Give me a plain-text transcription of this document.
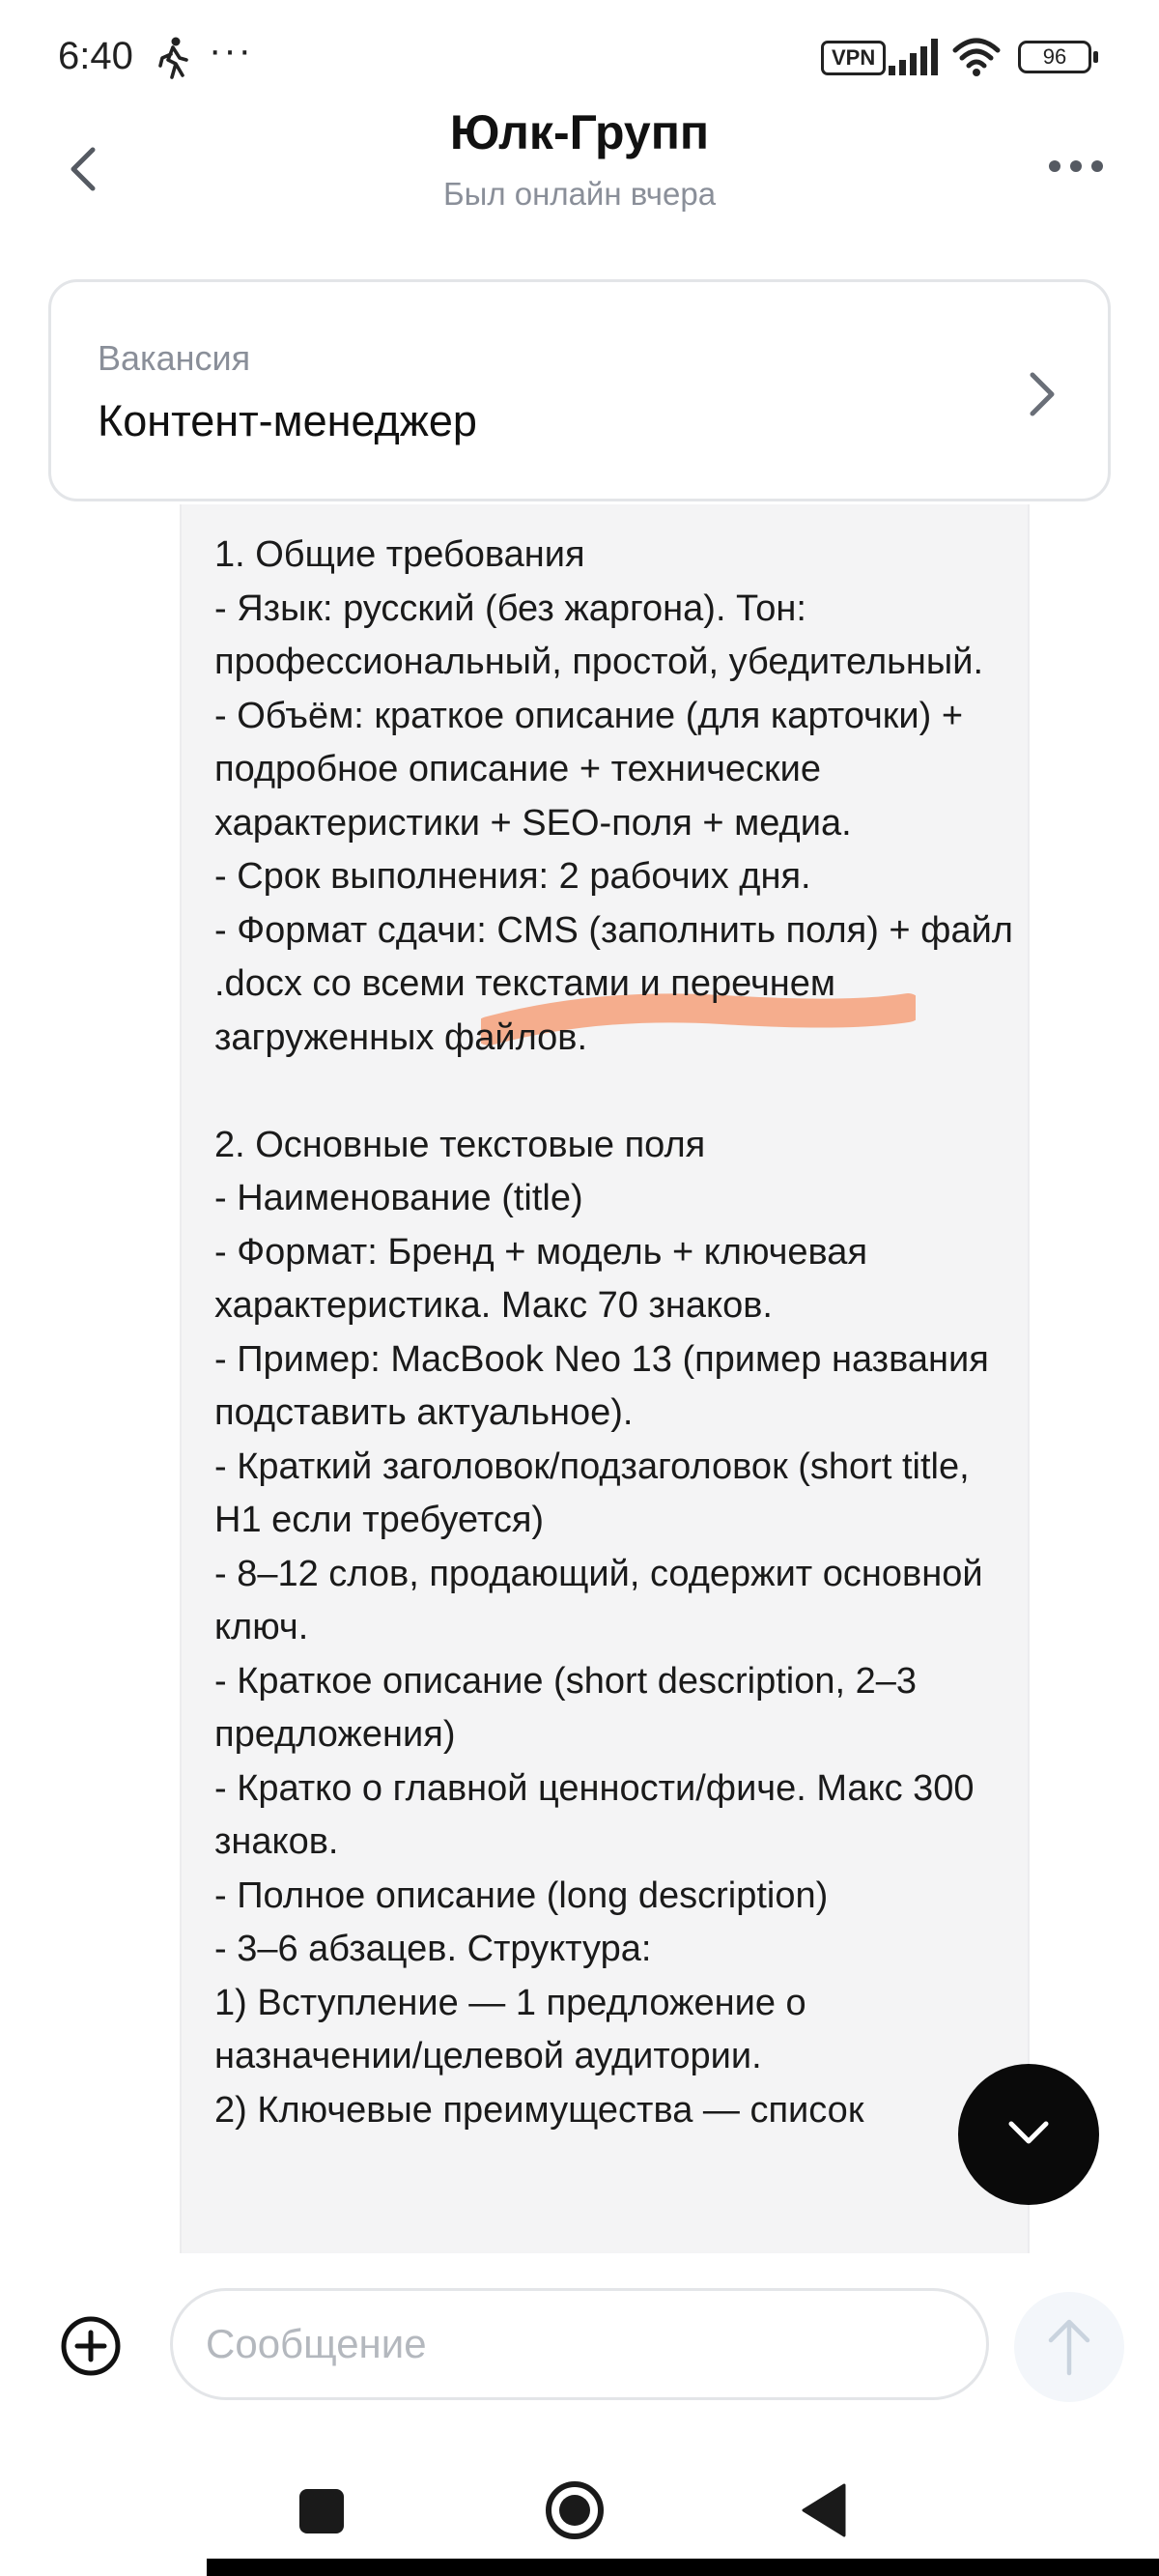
6:40 ···	VPN	96
Юлк-Групп
Был онлайн вчера
Вакансия
Контент-менеджер
1. Общие требования
- Язык: русский (без жаргона). Тон: профессиональный, простой, убедительный.
- Объём: краткое описание (для карточки) + подробное описание + технические характеристики + SEO-поля + медиа.
- Срок выполнения: 2 рабочих дня.
- Формат сдачи: CMS (заполнить поля) + файл .docx со всеми текстами и перечнем загруженных файлов.

2. Основные текстовые поля
- Наименование (title)
- Формат: Бренд + модель + ключевая характеристика. Макс 70 знаков.
- Пример: MacBook Neo 13 (пример названия подставить актуальное).
- Краткий заголовок/подзаголовок (short title, H1 если требуется)
- 8–12 слов, продающий, содержит основной ключ.
- Краткое описание (short description, 2–3 предложения)
- Кратко о главной ценности/фиче. Макс 300 знаков.
- Полное описание (long description)
- 3–6 абзацев. Структура:
1) Вступление — 1 предложение о назначении/целевой аудитории.
2) Ключевые преимущества — список
Сообщение
